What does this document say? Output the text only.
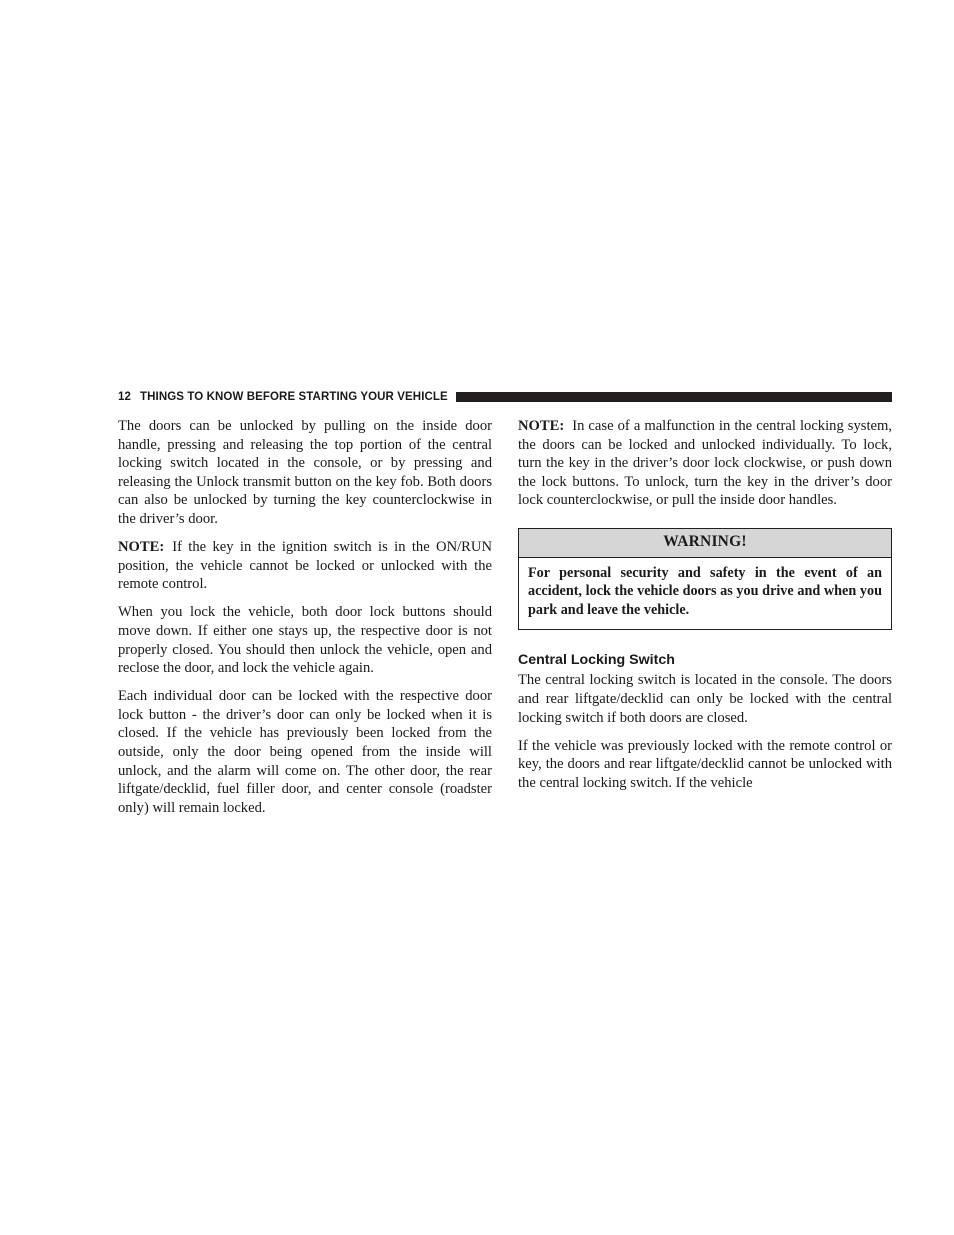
12 THINGS TO KNOW BEFORE STARTING YOUR VEHICLE

The doors can be unlocked by pulling on the inside door handle, pressing and releasing the top portion of the central locking switch located in the console, or by pressing and releasing the Unlock transmit button on the key fob. Both doors can also be unlocked by turning the key counterclockwise in the driver’s door.

NOTE: If the key in the ignition switch is in the ON/RUN position, the vehicle cannot be locked or unlocked with the remote control.

When you lock the vehicle, both door lock buttons should move down. If either one stays up, the respective door is not properly closed. You should then unlock the vehicle, open and reclose the door, and lock the vehicle again.

Each individual door can be locked with the respective door lock button - the driver’s door can only be locked when it is closed. If the vehicle has previously been locked from the outside, only the door being opened from the inside will unlock, and the alarm will come on. The other door, the rear liftgate/decklid, fuel filler door, and center console (roadster only) will remain locked.

NOTE: In case of a malfunction in the central locking system, the doors can be locked and unlocked individually. To lock, turn the key in the driver’s door lock clockwise, or push down the lock buttons. To unlock, turn the key in the driver’s door lock counterclockwise, or pull the inside door handles.

WARNING!
For personal security and safety in the event of an accident, lock the vehicle doors as you drive and when you park and leave the vehicle.
Central Locking Switch

The central locking switch is located in the console. The doors and rear liftgate/decklid can only be locked with the central locking switch if both doors are closed.

If the vehicle was previously locked with the remote control or key, the doors and rear liftgate/decklid cannot be unlocked with the central locking switch. If the vehicle
